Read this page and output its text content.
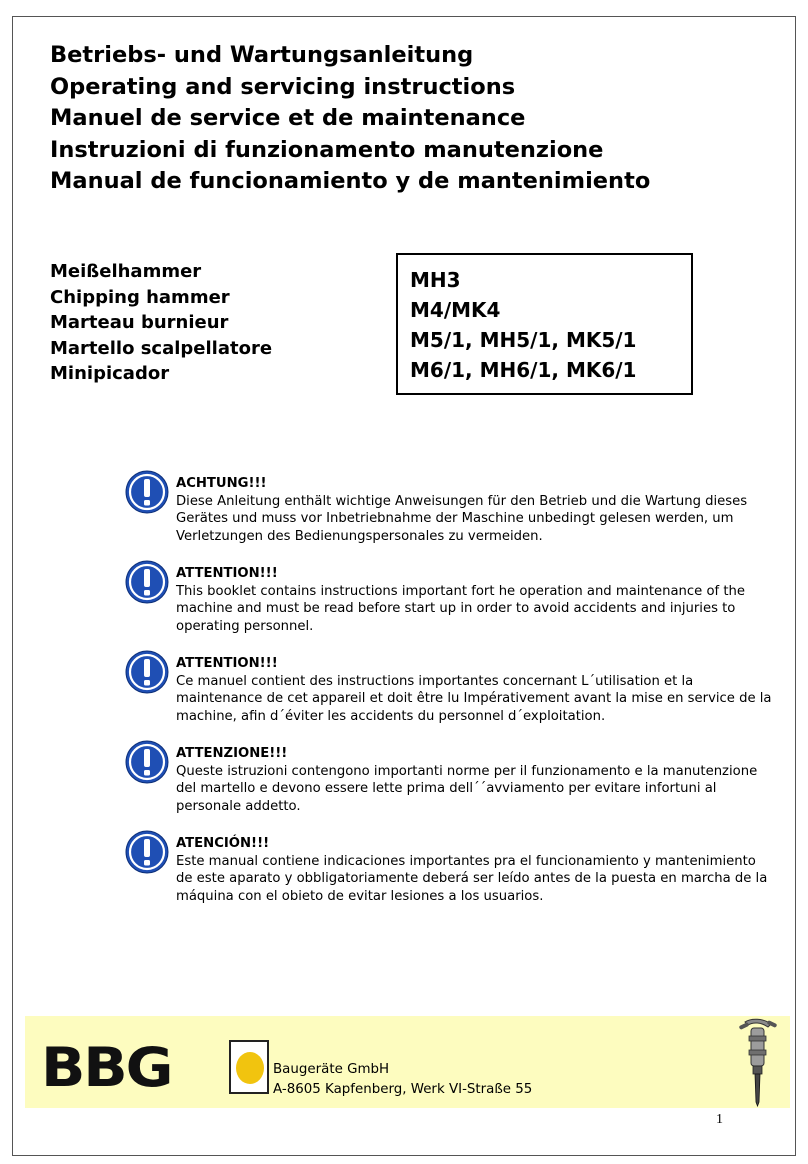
Betriebs- und Wartungsanleitung
Operating and servicing instructions
Manuel de service et de maintenance
Instruzioni di funzionamento manutenzione
Manual de funcionamiento y de mantenimiento
Meißelhammer
Chipping hammer
Marteau burnieur
Martello scalpellatore
Minipicador
MH3
M4/MK4
M5/1, MH5/1, MK5/1
M6/1, MH6/1, MK6/1
ACHTUNG!!!
Diese Anleitung enthält wichtige Anweisungen für den Betrieb und die Wartung dieses Gerätes und muss vor Inbetriebnahme der Maschine unbedingt gelesen werden, um Verletzungen des Bedienungspersonales zu vermeiden.
ATTENTION!!!
This booklet contains instructions important fort he operation and maintenance of the machine and must be read before start up in order to avoid accidents and injuries to operating personnel.
ATTENTION!!!
Ce manuel contient des instructions importantes concernant L´utilisation et la maintenance de cet appareil et doit être lu Impérativement avant la mise en service de la machine, afin d´éviter les accidents du personnel d´exploitation.
ATTENZIONE!!!
Queste istruzioni contengono importanti norme per il funzionamento e la manutenzione del martello e devono essere lette prima dell´´avviamento per evitare infortuni al personale addetto.
ATENCIÓN!!!
Este manual contiene indicaciones importantes pra el funcionamiento y mantenimiento de este aparato y obbligatoriamente deberá ser leído antes de la puesta en marcha de la máquina con el obieto de evitar lesiones a los usuarios.
BBG	Baugeräte GmbH
A-8605 Kapfenberg, Werk VI-Straße 55
1
